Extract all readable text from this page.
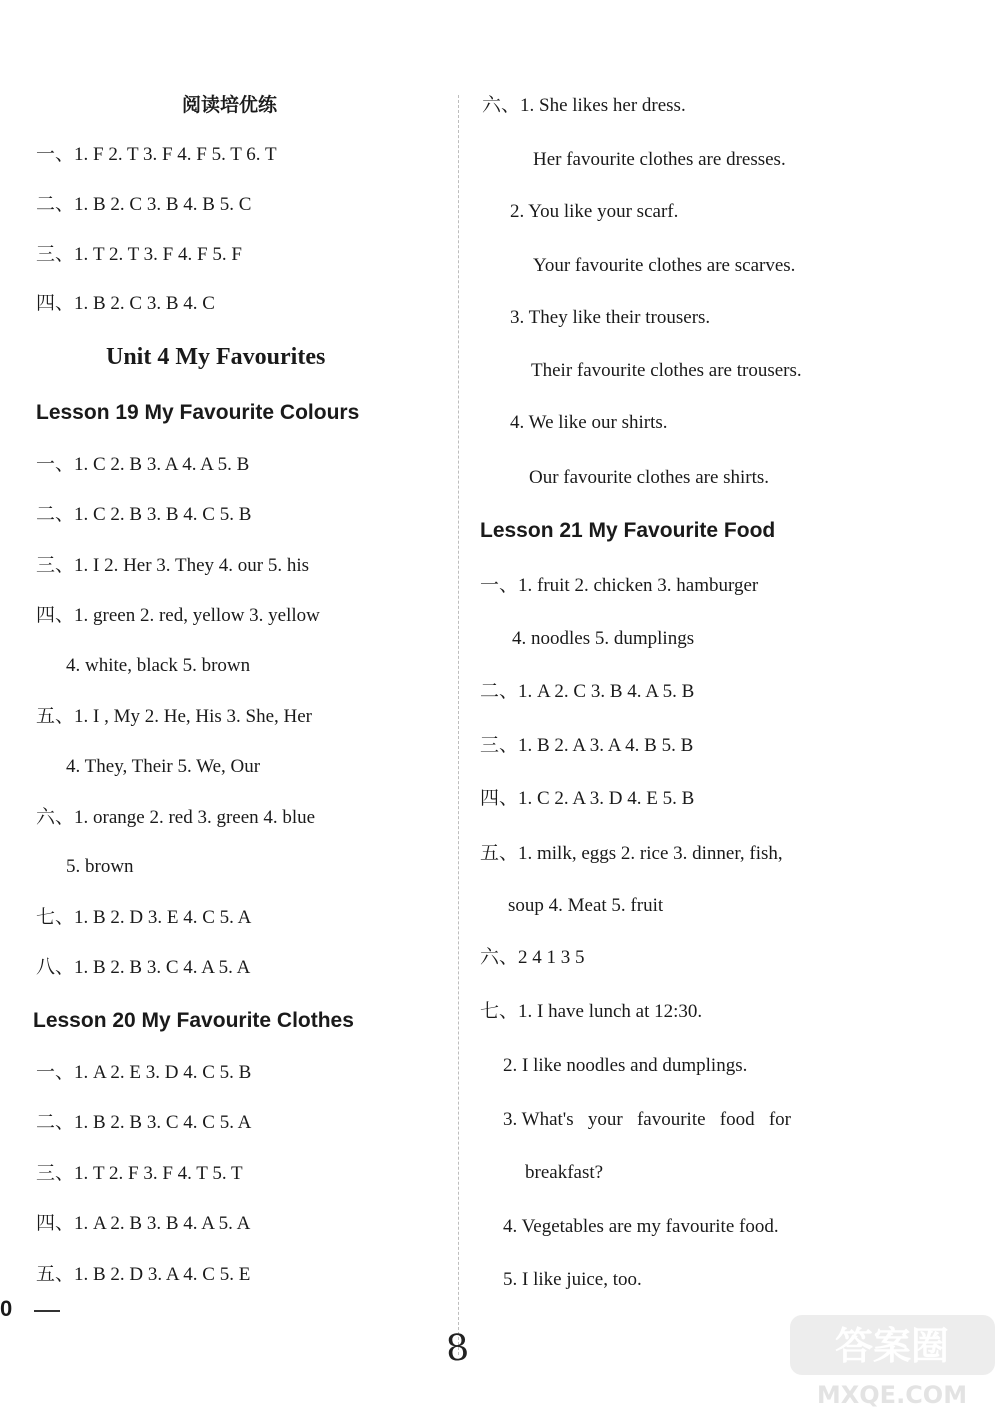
阅读培优练
一、1. F 2. T 3. F 4. F 5. T 6. T
二、1. B 2. C 3. B 4. B 5. C
三、1. T 2. T 3. F 4. F 5. F
四、1. B 2. C 3. B 4. C
Unit 4 My Favourites
Lesson 19 My Favourite Colours
一、1. C 2. B 3. A 4. A 5. B
二、1. C 2. B 3. B 4. C 5. B
三、1. I 2. Her 3. They 4. our 5. his
四、1. green 2. red, yellow 3. yellow
4. white, black 5. brown
五、1. I , My 2. He, His 3. She, Her
4. They, Their 5. We, Our
六、1. orange 2. red 3. green 4. blue
5. brown
七、1. B 2. D 3. E 4. C 5. A
八、1. B 2. B 3. C 4. A 5. A
Lesson 20 My Favourite Clothes
一、1. A 2. E 3. D 4. C 5. B
二、1. B 2. B 3. C 4. C 5. A
三、1. T 2. F 3. F 4. T 5. T
四、1. A 2. B 3. B 4. A 5. A
五、1. B 2. D 3. A 4. C 5. E
六、1. She likes her dress.
Her favourite clothes are dresses.
2. You like your scarf.
Your favourite clothes are scarves.
3. They like their trousers.
Their favourite clothes are trousers.
4. We like our shirts.
Our favourite clothes are shirts.
Lesson 21 My Favourite Food
一、1. fruit 2. chicken 3. hamburger
4. noodles 5. dumplings
二、1. A 2. C 3. B 4. A 5. B
三、1. B 2. A 3. A 4. B 5. B
四、1. C 2. A 3. D 4. E 5. B
五、1. milk, eggs 2. rice 3. dinner, fish,
soup 4. Meat 5. fruit
六、2 4 1 3 5
七、1. I have lunch at 12:30.
2. I like noodles and dumplings.
3. What's   your   favourite   food   for
breakfast?
4. Vegetables are my favourite food.
5. I like juice, too.
0
8	答案圈
MXQE.COM
